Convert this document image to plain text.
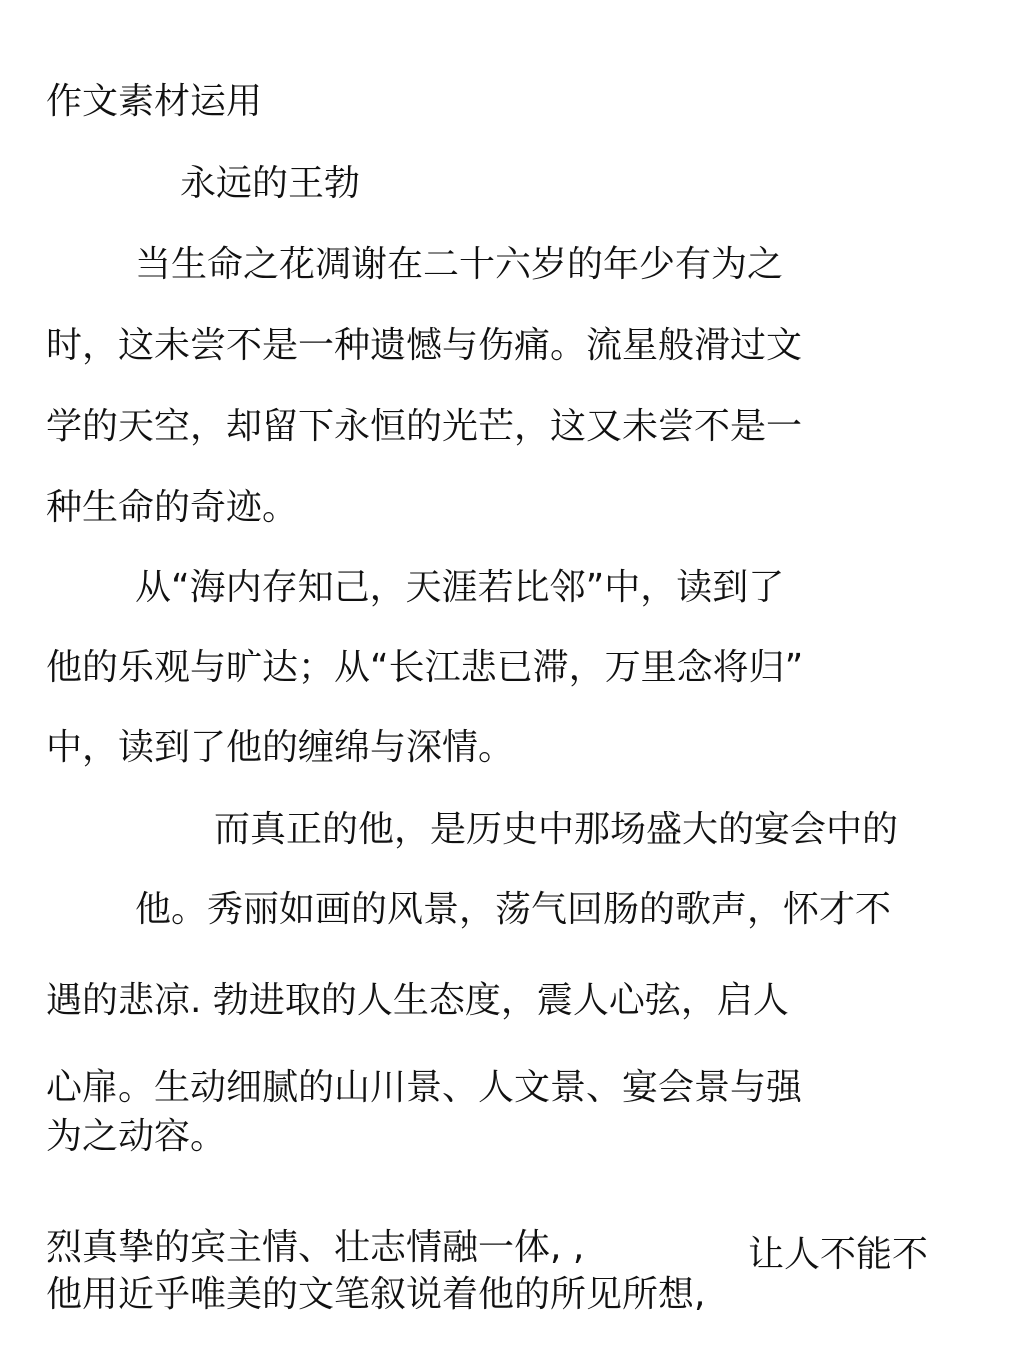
作文素材运用
永远的王勃
当生命之花凋谢在二十六岁的年少有为之
时，这未尝不是一种遗憾与伤痛。流星般滑过文
学的天空，却留下永恒的光芒，这又未尝不是一
种生命的奇迹。
从“海内存知己，天涯若比邻”中，读到了
他的乐观与旷达；从“长江悲已滞，万里念将归”
中，读到了他的缠绵与深情。
而真正的他，是历史中那场盛大的宴会中的
他。秀丽如画的风景，荡气回肠的歌声，怀才不
遇的悲凉. 勃进取的人生态度，震人心弦，启人
心扉。生动细腻的山川景、人文景、宴会景与强
为之动容。
烈真挚的宾主情、壮志情融一体, ,	让人不能不
他用近乎唯美的文笔叙说着他的所见所想,
